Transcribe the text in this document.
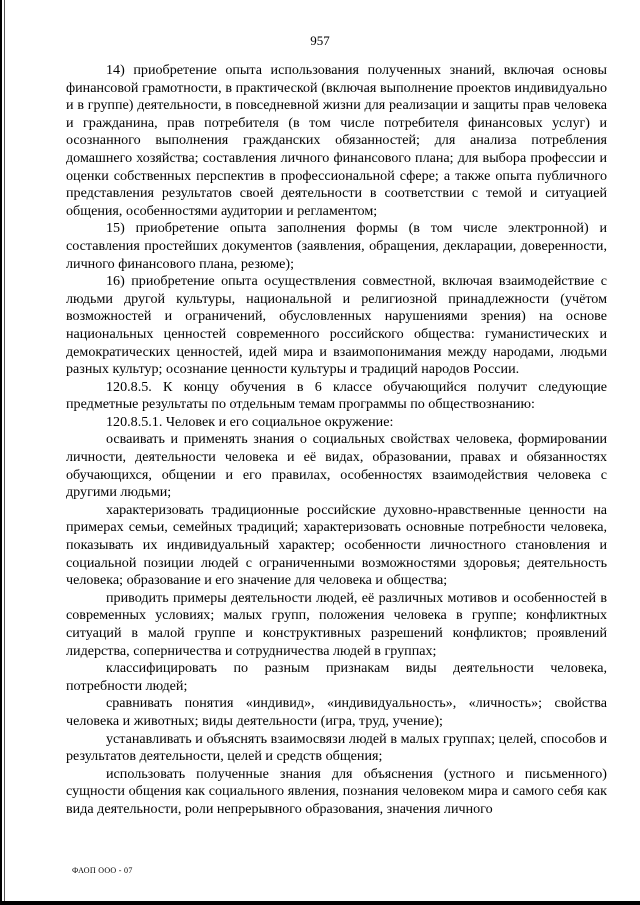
957

14) приобретение опыта использования полученных знаний, включая основы финансовой грамотности, в практической (включая выполнение проектов индивидуально и в группе) деятельности, в повседневной жизни для реализации и защиты прав человека и гражданина, прав потребителя (в том числе потребителя финансовых услуг) и осознанного выполнения гражданских обязанностей; для анализа потребления домашнего хозяйства; составления личного финансового плана; для выбора профессии и оценки собственных перспектив в профессиональной сфере; а также опыта публичного представления результатов своей деятельности в соответствии с темой и ситуацией общения, особенностями аудитории и регламентом;

15) приобретение опыта заполнения формы (в том числе электронной) и составления простейших документов (заявления, обращения, декларации, доверенности, личного финансового плана, резюме);

16) приобретение опыта осуществления совместной, включая взаимодействие с людьми другой культуры, национальной и религиозной принадлежности (учётом возможностей и ограничений, обусловленных нарушениями зрения) на основе национальных ценностей современного российского общества: гуманистических и демократических ценностей, идей мира и взаимопонимания между народами, людьми разных культур; осознание ценности культуры и традиций народов России.

120.8.5. К концу обучения в 6 классе обучающийся получит следующие предметные результаты по отдельным темам программы по обществознанию:

120.8.5.1. Человек и его социальное окружение:

осваивать и применять знания о социальных свойствах человека, формировании личности, деятельности человека и её видах, образовании, правах и обязанностях обучающихся, общении и его правилах, особенностях взаимодействия человека с другими людьми;

характеризовать традиционные российские духовно-нравственные ценности на примерах семьи, семейных традиций; характеризовать основные потребности человека, показывать их индивидуальный характер; особенности личностного становления и социальной позиции людей с ограниченными возможностями здоровья; деятельность человека; образование и его значение для человека и общества;

приводить примеры деятельности людей, её различных мотивов и особенностей в современных условиях; малых групп, положения человека в группе; конфликтных ситуаций в малой группе и конструктивных разрешений конфликтов; проявлений лидерства, соперничества и сотрудничества людей в группах;

классифицировать по разным признакам виды деятельности человека, потребности людей;

сравнивать понятия «индивид», «индивидуальность», «личность»; свойства человека и животных; виды деятельности (игра, труд, учение);

устанавливать и объяснять взаимосвязи людей в малых группах; целей, способов и результатов деятельности, целей и средств общения;

использовать полученные знания для объяснения (устного и письменного) сущности общения как социального явления, познания человеком мира и самого себя как вида деятельности, роли непрерывного образования, значения личного

ФАОП ООО - 07
